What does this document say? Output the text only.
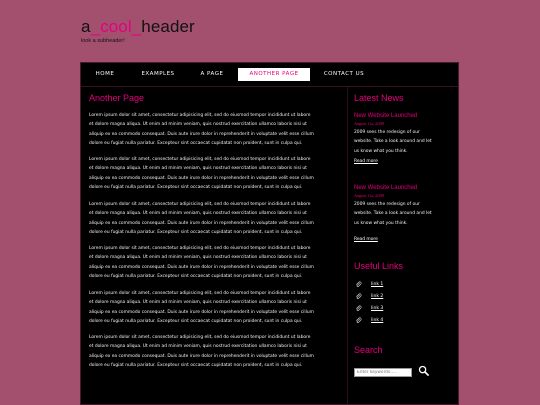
a_cool_header
look a subheader!
HOME	EXAMPLES	A PAGE	ANOTHER PAGE	CONTACT US
Another Page

Lorem ipsum dolor sit amet, consectetur adipisicing elit, sed do eiusmod tempor incididunt ut labore

et dolore magna aliqua. Ut enim ad minim veniam, quis nostrud exercitation ullamco laboris nisi ut

aliquip ex ea commodo consequat. Duis aute irure dolor in reprehenderit in voluptate velit esse cillum

dolore eu fugiat nulla pariatur. Excepteur sint occaecat cupidatat non proident, sunt in culpa qui.

Lorem ipsum dolor sit amet, consectetur adipisicing elit, sed do eiusmod tempor incididunt ut labore

et dolore magna aliqua. Ut enim ad minim veniam, quis nostrud exercitation ullamco laboris nisi ut

aliquip ex ea commodo consequat. Duis aute irure dolor in reprehenderit in voluptate velit esse cillum

dolore eu fugiat nulla pariatur. Excepteur sint occaecat cupidatat non proident, sunt in culpa qui.

Lorem ipsum dolor sit amet, consectetur adipisicing elit, sed do eiusmod tempor incididunt ut labore

et dolore magna aliqua. Ut enim ad minim veniam, quis nostrud exercitation ullamco laboris nisi ut

aliquip ex ea commodo consequat. Duis aute irure dolor in reprehenderit in voluptate velit esse cillum

dolore eu fugiat nulla pariatur. Excepteur sint occaecat cupidatat non proident, sunt in culpa qui.

Lorem ipsum dolor sit amet, consectetur adipisicing elit, sed do eiusmod tempor incididunt ut labore

et dolore magna aliqua. Ut enim ad minim veniam, quis nostrud exercitation ullamco laboris nisi ut

aliquip ex ea commodo consequat. Duis aute irure dolor in reprehenderit in voluptate velit esse cillum

dolore eu fugiat nulla pariatur. Excepteur sint occaecat cupidatat non proident, sunt in culpa qui.

Lorem ipsum dolor sit amet, consectetur adipisicing elit, sed do eiusmod tempor incididunt ut labore

et dolore magna aliqua. Ut enim ad minim veniam, quis nostrud exercitation ullamco laboris nisi ut

aliquip ex ea commodo consequat. Duis aute irure dolor in reprehenderit in voluptate velit esse cillum

dolore eu fugiat nulla pariatur. Excepteur sint occaecat cupidatat non proident, sunt in culpa qui.

Lorem ipsum dolor sit amet, consectetur adipisicing elit, sed do eiusmod tempor incididunt ut labore

et dolore magna aliqua. Ut enim ad minim veniam, quis nostrud exercitation ullamco laboris nisi ut

aliquip ex ea commodo consequat. Duis aute irure dolor in reprehenderit in voluptate velit esse cillum

dolore eu fugiat nulla pariatur. Excepteur sint occaecat cupidatat non proident, sunt in culpa qui.

Latest News
New Website Launched
August 1st, 2009
2009 sees the redesign of our
website. Take a look around and let
us know what you think.
Read more
New Website Launched
August 1st, 2009
2009 sees the redesign of our
website. Take a look around and let
us know what you think.
Read more
Useful Links
link 1
link 2
link 3
link 4
Search
Enter keywords.....
